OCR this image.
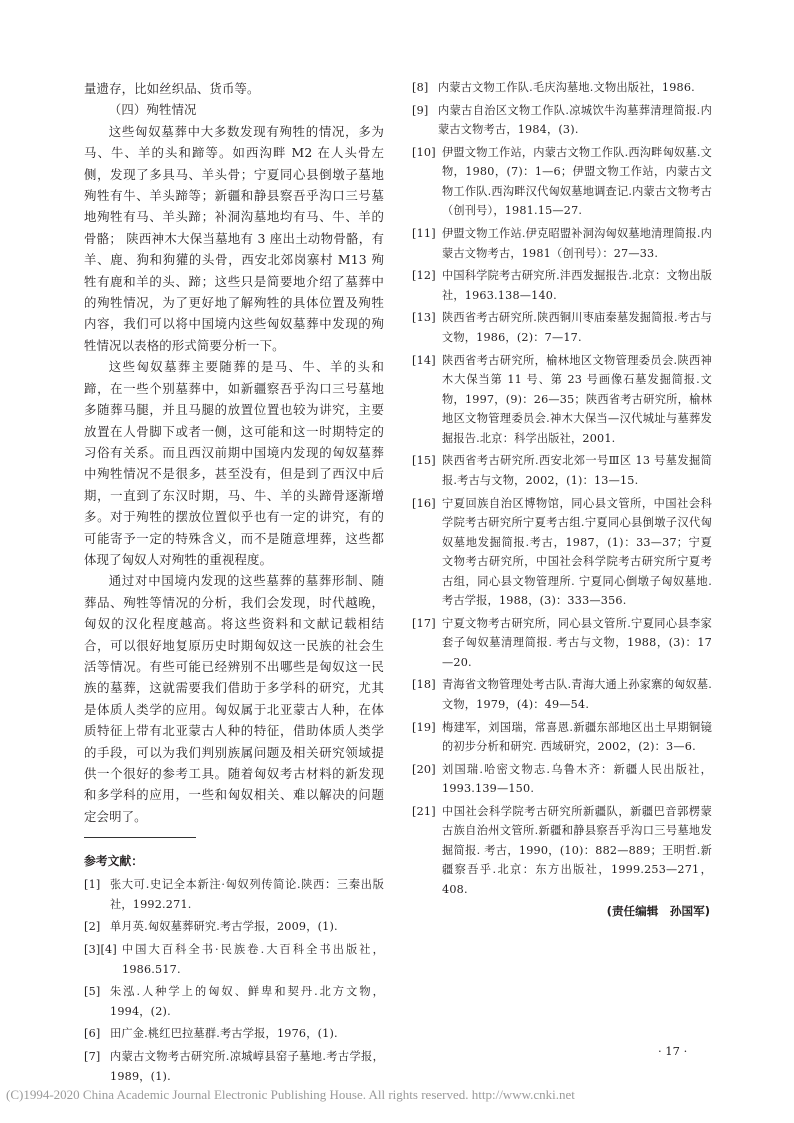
量遗存，比如丝织品、货币等。

（四）殉牲情况

这些匈奴墓葬中大多数发现有殉牲的情况，多为马、牛、羊的头和蹄等。如西沟畔 M2 在人头骨左侧，发现了多具马、羊头骨；宁夏同心县倒墩子墓地殉牲有牛、羊头蹄等；新疆和静县察吾乎沟口三号墓地殉牲有马、羊头蹄；补洞沟墓地均有马、牛、羊的骨骼； 陕西神木大保当墓地有 3 座出土动物骨骼，有羊、鹿、狗和狗獾的头骨，西安北郊岗寨村 M13 殉牲有鹿和羊的头、蹄；这些只是简要地介绍了墓葬中的殉牲情况，为了更好地了解殉牲的具体位置及殉牲内容，我们可以将中国境内这些匈奴墓葬中发现的殉牲情况以表格的形式简要分析一下。

这些匈奴墓葬主要随葬的是马、牛、羊的头和蹄，在一些个别墓葬中，如新疆察吾乎沟口三号墓地多随葬马腿，并且马腿的放置位置也较为讲究，主要放置在人骨脚下或者一侧，这可能和这一时期特定的习俗有关系。而且西汉前期中国境内发现的匈奴墓葬中殉牲情况不是很多，甚至没有，但是到了西汉中后期，一直到了东汉时期，马、牛、羊的头蹄骨逐渐增多。对于殉牲的摆放位置似乎也有一定的讲究，有的可能寄予一定的特殊含义，而不是随意埋葬，这些都体现了匈奴人对殉牲的重视程度。

通过对中国境内发现的这些墓葬的墓葬形制、随葬品、殉牲等情况的分析，我们会发现，时代越晚，匈奴的汉化程度越高。将这些资料和文献记载相结合，可以很好地复原历史时期匈奴这一民族的社会生活等情况。有些可能已经辨别不出哪些是匈奴这一民族的墓葬，这就需要我们借助于多学科的研究，尤其是体质人类学的应用。匈奴属于北亚蒙古人种，在体质特征上带有北亚蒙古人种的特征，借助体质人类学的手段，可以为我们判别族属问题及相关研究领域提供一个很好的参考工具。随着匈奴考古材料的新发现和多学科的应用，一些和匈奴相关、难以解决的问题定会明了。

参考文献：
[1] 张大可.史记全本新注·匈奴列传简论.陕西：三秦出版社，1992.271.
[2] 单月英.匈奴墓葬研究.考古学报，2009，(1).
[3][4] 中国大百科全书·民族卷.大百科全书出版社，1986.517.
[5] 朱泓.人种学上的匈奴、鲜卑和契丹.北方文物，1994，(2).
[6] 田广金.桃红巴拉墓群.考古学报，1976，(1).
[7] 内蒙古文物考古研究所.凉城崞县窑子墓地.考古学报，1989，(1).
[8] 内蒙古文物工作队.毛庆沟墓地.文物出版社，1986.
[9] 内蒙古自治区文物工作队.凉城饮牛沟墓葬清理简报.内蒙古文物考古，1984，(3).
[10] 伊盟文物工作站，内蒙古文物工作队.西沟畔匈奴墓.文物，1980，(7)：1—6；伊盟文物工作站，内蒙古文物工作队.西沟畔汉代匈奴墓地调查记.内蒙古文物考古（创刊号），1981.15—27.
[11] 伊盟文物工作站.伊克昭盟补洞沟匈奴墓地清理简报.内蒙古文物考古，1981（创刊号）：27—33.
[12] 中国科学院考古研究所.沣西发掘报告.北京：文物出版社，1963.138—140.
[13] 陕西省考古研究所.陕西铜川枣庙秦墓发掘简报.考古与文物，1986，(2)：7—17.
[14] 陕西省考古研究所，榆林地区文物管理委员会.陕西神木大保当第 11 号、第 23 号画像石墓发掘简报.文物，1997，(9)：26—35；陕西省考古研究所，榆林地区文物管理委员会.神木大保当—汉代城址与墓葬发掘报告.北京：科学出版社，2001.
[15] 陕西省考古研究所.西安北郊一号Ⅲ区 13 号墓发掘简报.考古与文物，2002，(1)：13—15.
[16] 宁夏回族自治区博物馆，同心县文管所，中国社会科学院考古研究所宁夏考古组.宁夏同心县倒墩子汉代匈奴墓地发掘简报.考古，1987，(1)：33—37；宁夏文物考古研究所，中国社会科学院考古研究所宁夏考古组，同心县文物管理所. 宁夏同心倒墩子匈奴墓地. 考古学报，1988，(3)：333—356.
[17] 宁夏文物考古研究所，同心县文管所.宁夏同心县李家套子匈奴墓清理简报. 考古与文物，1988，(3)：17—20.
[18] 青海省文物管理处考古队.青海大通上孙家寨的匈奴墓.文物，1979，(4)：49—54.
[19] 梅建军，刘国瑞，常喜恩.新疆东部地区出土早期铜镜的初步分析和研究. 西域研究，2002，(2)：3—6.
[20] 刘国瑞.哈密文物志.乌鲁木齐：新疆人民出版社，1993.139—150.
[21] 中国社会科学院考古研究所新疆队，新疆巴音郭楞蒙古族自治州文管所.新疆和静县察吾乎沟口三号墓地发掘简报. 考古，1990，(10)：882—889；王明哲.新疆察吾乎.北京：东方出版社，1999.253—271，408.
(责任编辑　孙国军)
· 17 ·
(C)1994-2020 China Academic Journal Electronic Publishing House. All rights reserved. http://www.cnki.net
